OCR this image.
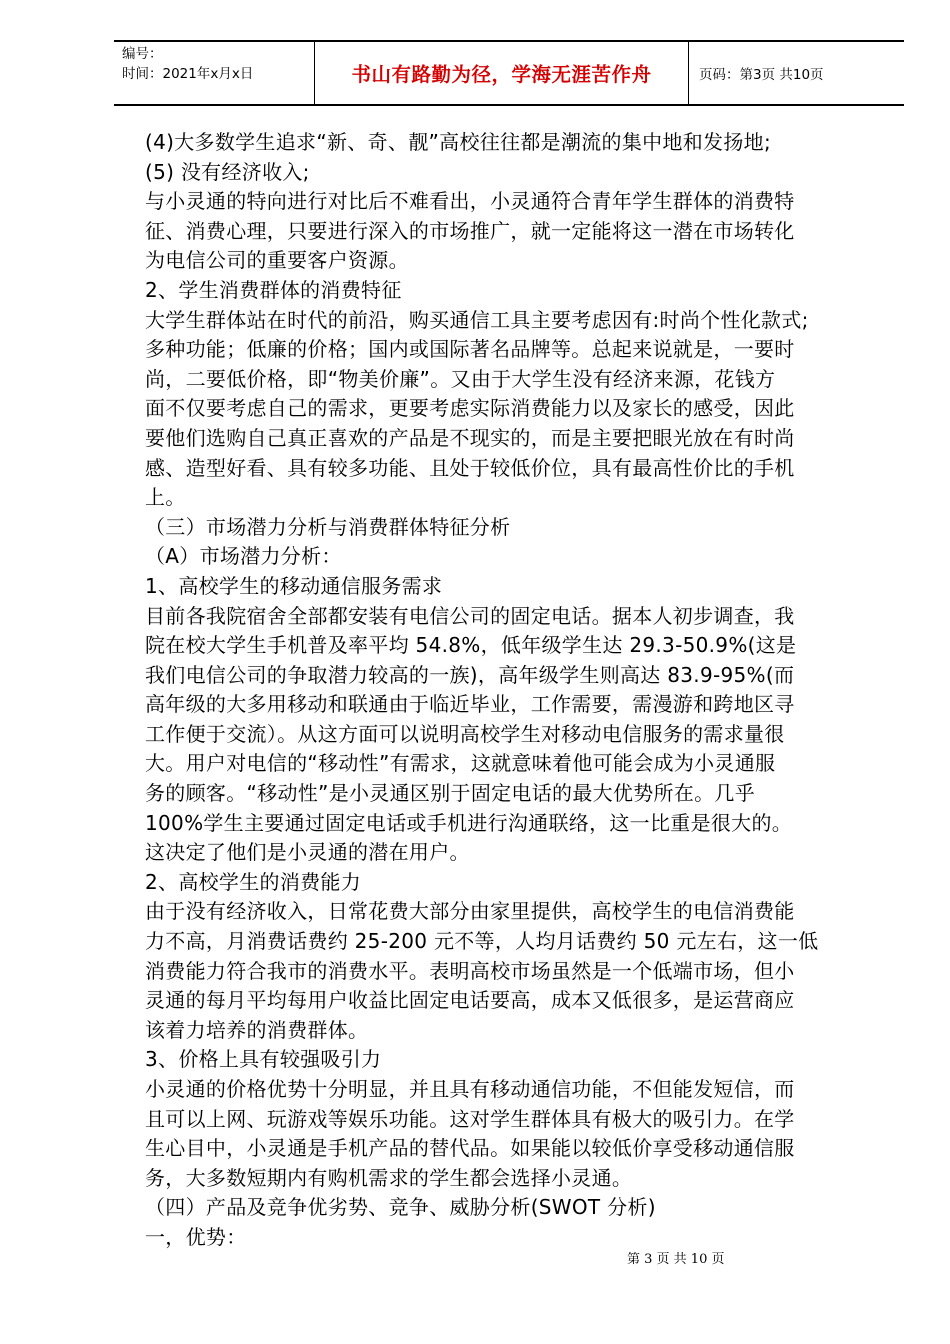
编号：
时间：2021年x月x日	书山有路勤为径，学海无涯苦作舟	页码：第3页 共10页
(4)大多数学生追求“新、奇、靓”高校往往都是潮流的集中地和发扬地;
(5) 没有经济收入;
与小灵通的特向进行对比后不难看出，小灵通符合青年学生群体的消费特
征、消费心理，只要进行深入的市场推广，就一定能将这一潜在市场转化
为电信公司的重要客户资源。
2、学生消费群体的消费特征
大学生群体站在时代的前沿，购买通信工具主要考虑因有:时尚个性化款式;
多种功能；低廉的价格；国内或国际著名品牌等。总起来说就是，一要时
尚，二要低价格，即“物美价廉”。又由于大学生没有经济来源，花钱方
面不仅要考虑自己的需求，更要考虑实际消费能力以及家长的感受，因此
要他们选购自己真正喜欢的产品是不现实的，而是主要把眼光放在有时尚
感、造型好看、具有较多功能、且处于较低价位，具有最高性价比的手机
上。
（三）市场潜力分析与消费群体特征分析
（A）市场潜力分析：
1、高校学生的移动通信服务需求
目前各我院宿舍全部都安装有电信公司的固定电话。据本人初步调查，我
院在校大学生手机普及率平均 54.8%，低年级学生达 29.3-50.9%(这是
我们电信公司的争取潜力较高的一族)，高年级学生则高达 83.9-95%(而
高年级的大多用移动和联通由于临近毕业，工作需要，需漫游和跨地区寻
工作便于交流）。从这方面可以说明高校学生对移动电信服务的需求量很
大。用户对电信的“移动性”有需求，这就意味着他可能会成为小灵通服
务的顾客。“移动性”是小灵通区别于固定电话的最大优势所在。几乎
100%学生主要通过固定电话或手机进行沟通联络，这一比重是很大的。
这决定了他们是小灵通的潜在用户。
2、高校学生的消费能力
由于没有经济收入，日常花费大部分由家里提供，高校学生的电信消费能
力不高，月消费话费约 25-200 元不等，人均月话费约 50 元左右，这一低
消费能力符合我市的消费水平。表明高校市场虽然是一个低端市场，但小
灵通的每月平均每用户收益比固定电话要高，成本又低很多，是运营商应
该着力培养的消费群体。
3、价格上具有较强吸引力
小灵通的价格优势十分明显，并且具有移动通信功能，不但能发短信，而
且可以上网、玩游戏等娱乐功能。这对学生群体具有极大的吸引力。在学
生心目中，小灵通是手机产品的替代品。如果能以较低价享受移动通信服
务，大多数短期内有购机需求的学生都会选择小灵通。
（四）产品及竞争优劣势、竞争、威胁分析(SWOT 分析)
一，优势：
第 3 页 共 10 页
